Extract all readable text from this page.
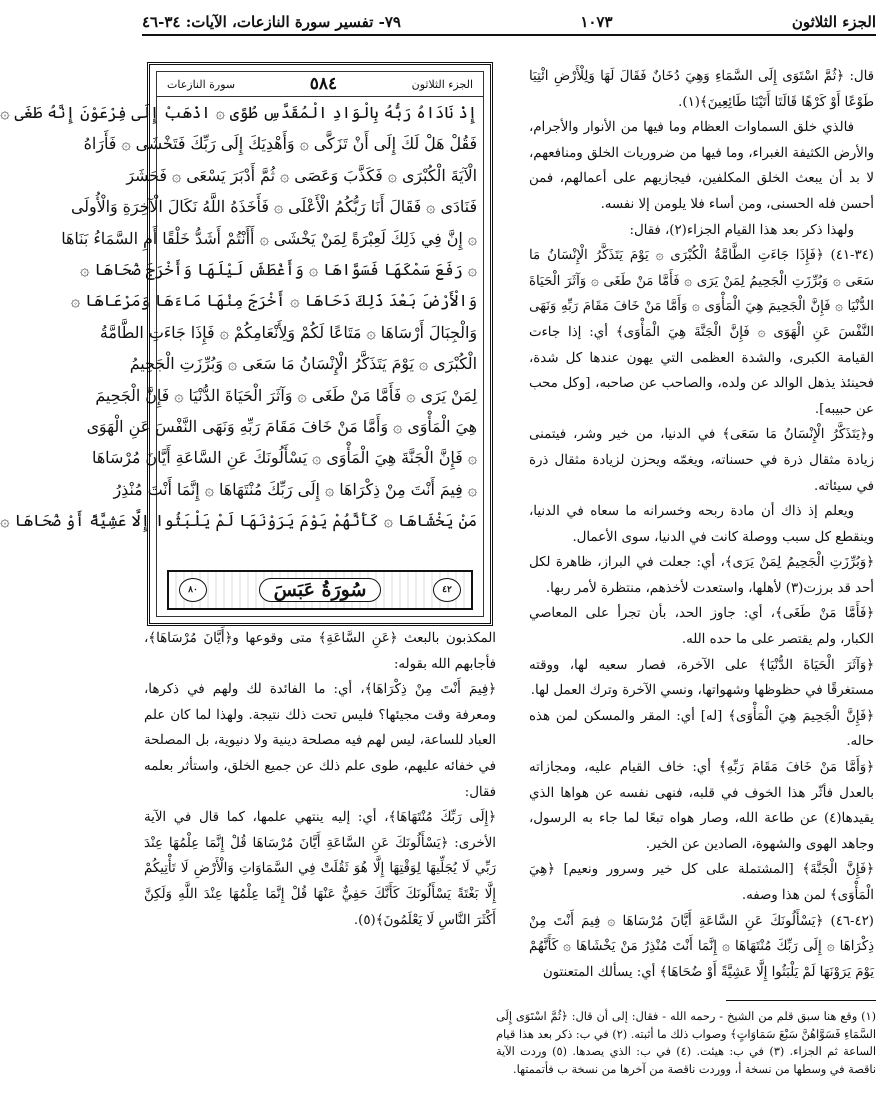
الجزء الثلاثون
١٠٧٣
٧٩- تفسير سورة النازعات، الآيات: ٣٤-٤٦

قال: ﴿ثُمَّ اسْتَوَى إِلَى السَّمَاءِ وَهِيَ دُخَانٌ فَقَالَ لَهَا وَلِلْأَرْضِ ائْتِيَا طَوْعًا أَوْ كَرْهًا قَالَتَا أَتَيْنَا طَائِعِينَ﴾(١).

فالذي خلق السماوات العظام وما فيها من الأنوار والأجرام، والأرض الكثيفة الغبراء، وما فيها من ضروريات الخلق ومنافعهم، لا بد أن يبعث الخلق المكلفين، فيجازيهم على أعمالهم، فمن أحسن فله الحسنى، ومن أساء فلا يلومن إلا نفسه.

ولهذا ذكر بعد هذا القيام الجزاء(٢)، فقال:

(٣٤-٤١) ﴿فَإِذَا جَاءَتِ الطَّامَّةُ الْكُبْرَى ۞ يَوْمَ يَتَذَكَّرُ الْإِنْسَانُ مَا سَعَى ۞ وَبُرِّزَتِ الْجَحِيمُ لِمَنْ يَرَى ۞ فَأَمَّا مَنْ طَغَى ۞ وَآثَرَ الْحَيَاةَ الدُّنْيَا ۞ فَإِنَّ الْجَحِيمَ هِيَ الْمَأْوَى ۞ وَأَمَّا مَنْ خَافَ مَقَامَ رَبِّهِ وَنَهَى النَّفْسَ عَنِ الْهَوَى ۞ فَإِنَّ الْجَنَّةَ هِيَ الْمَأْوَى﴾ أي: إذا جاءت القيامة الكبرى، والشدة العظمى التي يهون عندها كل شدة، فحينئذ يذهل الوالد عن ولده، والصاحب عن صاحبه، [وكل محب عن حبيبه].

و﴿يَتَذَكَّرُ الْإِنْسَانُ مَا سَعَى﴾ في الدنيا، من خير وشر، فيتمنى زيادة مثقال ذرة في حسناته، ويغمّه ويحزن لزيادة مثقال ذرة في سيئاته.

ويعلم إذ ذاك أن مادة ربحه وخسرانه ما سعاه في الدنيا، وينقطع كل سبب ووصلة كانت في الدنيا، سوى الأعمال.

﴿وَبُرِّزَتِ الْجَحِيمُ لِمَنْ يَرَى﴾، أي: جعلت في البراز، ظاهرة لكل أحد قد برزت(٣) لأهلها، واستعدت لأخذهم، منتظرة لأمر ربها.

﴿فَأَمَّا مَنْ طَغَى﴾، أي: جاوز الحد، بأن تجرأ على المعاصي الكبار، ولم يقتصر على ما حده الله.

﴿وَآثَرَ الْحَيَاةَ الدُّنْيَا﴾ على الآخرة، فصار سعيه لها، ووقته مستغرقًا في حظوظها وشهواتها، ونسي الآخرة وترك العمل لها.

﴿فَإِنَّ الْجَحِيمَ هِيَ الْمَأْوَى﴾ [له] أي: المقر والمسكن لمن هذه حاله.

﴿وَأَمَّا مَنْ خَافَ مَقَامَ رَبِّهِ﴾ أي: خاف القيام عليه، ومجازاته بالعدل فأثّر هذا الخوف في قلبه، فنهى نفسه عن هواها الذي يقيدها(٤) عن طاعة الله، وصار هواه تبعًا لما جاء به الرسول، وجاهد الهوى والشهوة، الصادين عن الخير.

﴿فَإِنَّ الْجَنَّةَ﴾ [المشتملة على كل خير وسرور ونعيم] ﴿هِيَ الْمَأْوَى﴾ لمن هذا وصفه.

(٤٢-٤٦) ﴿يَسْأَلُونَكَ عَنِ السَّاعَةِ أَيَّانَ مُرْسَاهَا ۞ فِيمَ أَنْتَ مِنْ ذِكْرَاهَا ۞ إِلَى رَبِّكَ مُنْتَهَاهَا ۞ إِنَّمَا أَنْتَ مُنْذِرُ مَنْ يَخْشَاهَا ۞ كَأَنَّهُمْ يَوْمَ يَرَوْنَهَا لَمْ يَلْبَثُوا إِلَّا عَشِيَّةً أَوْ ضُحَاهَا﴾ أي: يسألك المتعنتون

الجزء الثلاثون
٥٨٤
سورة النازعات
إِذْ نَادَاهُ رَبُّهُ بِالْوَادِ الْمُقَدَّسِ طُوًى ۞ اذْهَبْ إِلَى فِرْعَوْنَ إِنَّهُ طَغَى ۞
فَقُلْ هَلْ لَكَ إِلَى أَنْ تَزَكَّى ۞ وَأَهْدِيَكَ إِلَى رَبِّكَ فَتَخْشَى ۞ فَأَرَاهُ
الْآيَةَ الْكُبْرَى ۞ فَكَذَّبَ وَعَصَى ۞ ثُمَّ أَدْبَرَ يَسْعَى ۞ فَحَشَرَ
فَنَادَى ۞ فَقَالَ أَنَا رَبُّكُمُ الْأَعْلَى ۞ فَأَخَذَهُ اللَّهُ نَكَالَ الْآخِرَةِ وَالْأُولَى
۞ إِنَّ فِي ذَلِكَ لَعِبْرَةً لِمَنْ يَخْشَى ۞ أَأَنْتُمْ أَشَدُّ خَلْقًا أَمِ السَّمَاءُ بَنَاهَا
۞ رَفَعَ سَمْكَهَا فَسَوَّاهَا ۞ وَأَغْطَشَ لَيْلَهَا وَأَخْرَجَ ضُحَاهَا ۞
وَالْأَرْضَ بَعْدَ ذَلِكَ دَحَاهَا ۞ أَخْرَجَ مِنْهَا مَاءَهَا وَمَرْعَاهَا ۞
وَالْجِبَالَ أَرْسَاهَا ۞ مَتَاعًا لَكُمْ وَلِأَنْعَامِكُمْ ۞ فَإِذَا جَاءَتِ الطَّامَّةُ
الْكُبْرَى ۞ يَوْمَ يَتَذَكَّرُ الْإِنْسَانُ مَا سَعَى ۞ وَبُرِّزَتِ الْجَحِيمُ
لِمَنْ يَرَى ۞ فَأَمَّا مَنْ طَغَى ۞ وَآثَرَ الْحَيَاةَ الدُّنْيَا ۞ فَإِنَّ الْجَحِيمَ
هِيَ الْمَأْوَى ۞ وَأَمَّا مَنْ خَافَ مَقَامَ رَبِّهِ وَنَهَى النَّفْسَ عَنِ الْهَوَى
۞ فَإِنَّ الْجَنَّةَ هِيَ الْمَأْوَى ۞ يَسْأَلُونَكَ عَنِ السَّاعَةِ أَيَّانَ مُرْسَاهَا
۞ فِيمَ أَنْتَ مِنْ ذِكْرَاهَا ۞ إِلَى رَبِّكَ مُنْتَهَاهَا ۞ إِنَّمَا أَنْتَ مُنْذِرُ
مَنْ يَخْشَاهَا ۞ كَأَنَّهُمْ يَوْمَ يَرَوْنَهَا لَمْ يَلْبَثُوا إِلَّا عَشِيَّةً أَوْ ضُحَاهَا ۞
٤٢
سُورَةُ عَبَسَ
٨٠

المكذبون بالبعث ﴿عَنِ السَّاعَةِ﴾ متى وقوعها و﴿أَيَّانَ مُرْسَاهَا﴾، فأجابهم الله بقوله:

﴿فِيمَ أَنْتَ مِنْ ذِكْرَاهَا﴾، أي: ما الفائدة لك ولهم في ذكرها، ومعرفة وقت مجيئها؟ فليس تحت ذلك نتيجة. ولهذا لما كان علم العباد للساعة، ليس لهم فيه مصلحة دينية ولا دنيوية، بل المصلحة في خفائه عليهم، طوى علم ذلك عن جميع الخلق، واستأثر بعلمه فقال:

﴿إِلَى رَبِّكَ مُنْتَهَاهَا﴾، أي: إليه ينتهي علمها، كما قال في الآية الأخرى: ﴿يَسْأَلُونَكَ عَنِ السَّاعَةِ أَيَّانَ مُرْسَاهَا قُلْ إِنَّمَا عِلْمُهَا عِنْدَ رَبِّي لَا يُجَلِّيهَا لِوَقْتِهَا إِلَّا هُوَ ثَقُلَتْ فِي السَّمَاوَاتِ وَالْأَرْضِ لَا تَأْتِيكُمْ إِلَّا بَغْتَةً يَسْأَلُونَكَ كَأَنَّكَ حَفِيٌّ عَنْهَا قُلْ إِنَّمَا عِلْمُهَا عِنْدَ اللَّهِ وَلَكِنَّ أَكْثَرَ النَّاسِ لَا يَعْلَمُونَ﴾(٥).

(١) وقع هنا سبق قلم من الشيخ - رحمه الله - فقال: إلى أن قال: ﴿ثُمَّ اسْتَوَى إِلَى السَّمَاءِ فَسَوَّاهُنَّ سَبْعَ سَمَاوَاتٍ﴾ وصواب ذلك ما أثبته. (٢) في ب: ذكر بعد هذا قيام الساعة ثم الجزاء. (٣) في ب: هيئت. (٤) في ب: الذي يصدها. (٥) وردت الآية ناقصة في وسطها من نسخة أ، ووردت ناقصة من آخرها من نسخة ب فأتممتها.
